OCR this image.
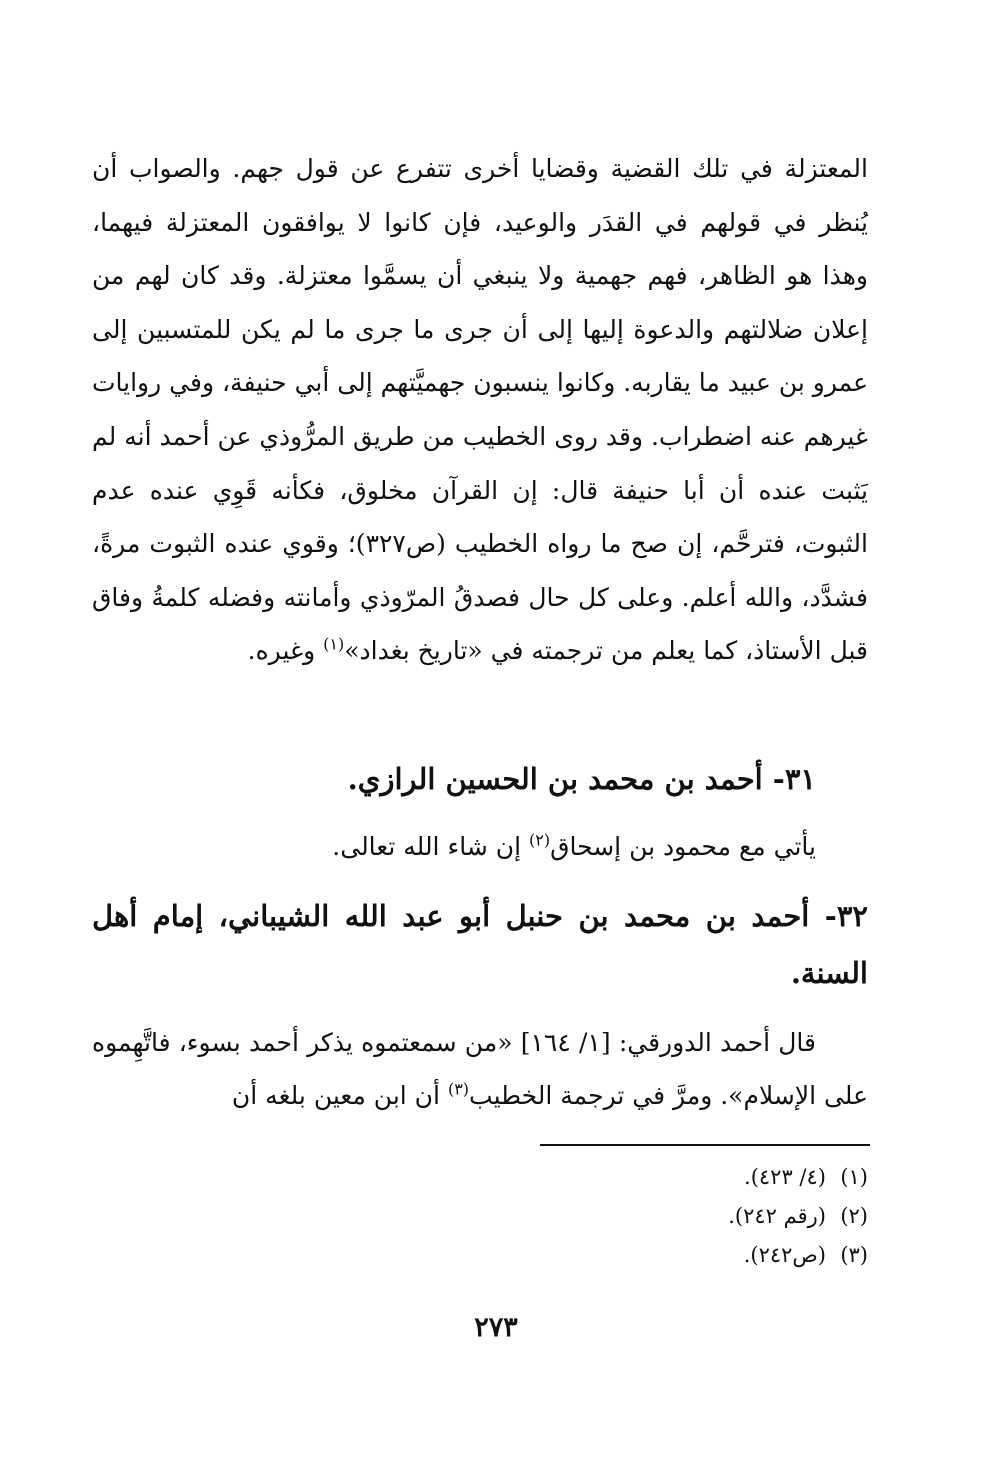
المعتزلة في تلك القضية وقضايا أخرى تتفرع عن قول جهم. والصواب أن يُنظر في قولهم في القدَر والوعيد، فإن كانوا لا يوافقون المعتزلة فيهما، وهذا هو الظاهر، فهم جهمية ولا ينبغي أن يسمَّوا معتزلة. وقد كان لهم من إعلان ضلالتهم والدعوة إليها إلى أن جرى ما جرى ما لم يكن للمتسبين إلى عمرو بن عبيد ما يقاربه. وكانوا ينسبون جهميَّتهم إلى أبي حنيفة، وفي روايات غيرهم عنه اضطراب. وقد روى الخطيب من طريق المرُّوذي عن أحمد أنه لم يَثبت عنده أن أبا حنيفة قال: إن القرآن مخلوق، فكأنه قَوِي عنده عدم الثبوت، فترحَّم، إن صح ما رواه الخطيب (ص٣٢٧)؛ وقوي عنده الثبوت مرةً، فشدَّد، والله أعلم. وعلى كل حال فصدقُ المرّوذي وأمانته وفضله كلمةُ وفاق قبل الأستاذ، كما يعلم من ترجمته في «تاريخ بغداد»$^{(١)}$ وغيره.

٣١- أحمد بن محمد بن الحسين الرازي.

يأتي مع محمود بن إسحاق$^{(٢)}$ إن شاء الله تعالى.

٣٢- أحمد بن محمد بن حنبل أبو عبد الله الشيباني، إمام أهل السنة.

قال أحمد الدورقي: [١/ ١٦٤] «من سمعتموه يذكر أحمد بسوء، فاتَّهِموه على الإسلام». ومرَّ في ترجمة الخطيب$^{(٣)}$ أن ابن معين بلغه أن

(١)
(٤/ ٤٢٣).
(٢)
(رقم ٢٤٢).
(٣)
(ص٢٤٢).
٢٧٣
